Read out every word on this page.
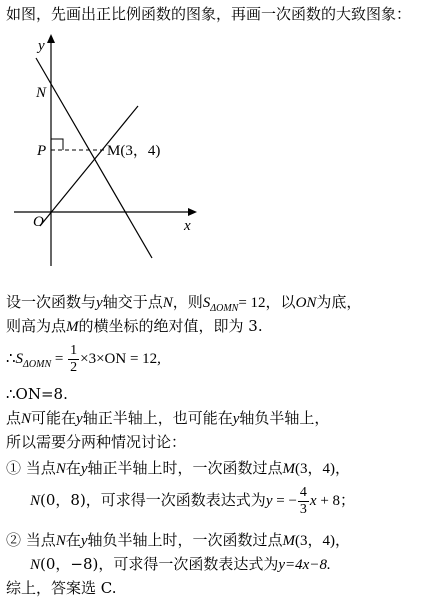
如图，先画出正比例函数的图象，再画一次函数的大致图象：
y
x
O
N
P	M(3，4)
设一次函数与y轴交于点N，则$S_{\Delta OMN}= 12$，以ON为底，
则高为点M的横坐标的绝对值，即为 3.
$\therefore S_{\Delta OMN} = \frac{1}{2} \times 3\times ON = 12$,
∴ON=8.
点N可能在y轴正半轴上，也可能在y轴负半轴上，
所以需要分两种情况讨论：
① 当点N在y轴正半轴上时，一次函数过点M(3，4)，
N(0，8)，可求得一次函数表达式为y = − $\frac{4}{3}$ x + 8；
② 当点N在y轴负半轴上时，一次函数过点M(3，4)，
N(0，−8)，可求得一次函数表达式为y=4x−8.
综上，答案选 C.
